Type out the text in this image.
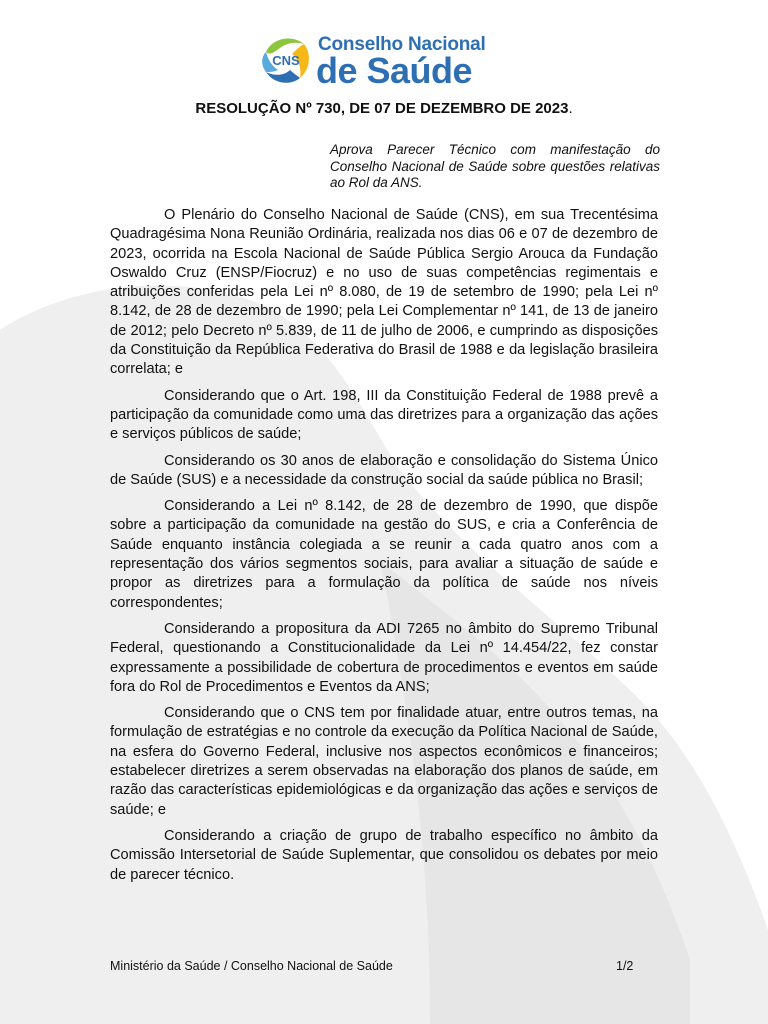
CNS
Conselho Nacional
de Saúde
RESOLUÇÃO Nº 730, DE 07 DE DEZEMBRO DE 2023.
Aprova Parecer Técnico com manifestação do Conselho Nacional de Saúde sobre questões relativas ao Rol da ANS.

O Plenário do Conselho Nacional de Saúde (CNS), em sua Trecentésima Quadragésima Nona Reunião Ordinária, realizada nos dias 06 e 07 de dezembro de 2023, ocorrida na Escola Nacional de Saúde Pública Sergio Arouca da Fundação Oswaldo Cruz (ENSP/Fiocruz) e no uso de suas competências regimentais e atribuições conferidas pela Lei nº 8.080, de 19 de setembro de 1990; pela Lei nº 8.142, de 28 de dezembro de 1990; pela Lei Complementar nº 141, de 13 de janeiro de 2012; pelo Decreto nº 5.839, de 11 de julho de 2006, e cumprindo as disposições da Constituição da República Federativa do Brasil de 1988 e da legislação brasileira correlata; e

Considerando que o Art. 198, III da Constituição Federal de 1988 prevê a participação da comunidade como uma das diretrizes para a organização das ações e serviços públicos de saúde;

Considerando os 30 anos de elaboração e consolidação do Sistema Único de Saúde (SUS) e a necessidade da construção social da saúde pública no Brasil;

Considerando a Lei nº 8.142, de 28 de dezembro de 1990, que dispõe sobre a participação da comunidade na gestão do SUS, e cria a Conferência de Saúde enquanto instância colegiada a se reunir a cada quatro anos com a representação dos vários segmentos sociais, para avaliar a situação de saúde e propor as diretrizes para a formulação da política de saúde nos níveis correspondentes;

Considerando a propositura da ADI 7265 no âmbito do Supremo Tribunal Federal, questionando a Constitucionalidade da Lei nº 14.454/22, fez constar expressamente a possibilidade de cobertura de procedimentos e eventos em saúde fora do Rol de Procedimentos e Eventos da ANS;

Considerando que o CNS tem por finalidade atuar, entre outros temas, na formulação de estratégias e no controle da execução da Política Nacional de Saúde, na esfera do Governo Federal, inclusive nos aspectos econômicos e financeiros; estabelecer diretrizes a serem observadas na elaboração dos planos de saúde, em razão das características epidemiológicas e da organização das ações e serviços de saúde; e

Considerando a criação de grupo de trabalho específico no âmbito da Comissão Intersetorial de Saúde Suplementar, que consolidou os debates por meio de parecer técnico.

Ministério da Saúde / Conselho Nacional de Saúde	1/2
